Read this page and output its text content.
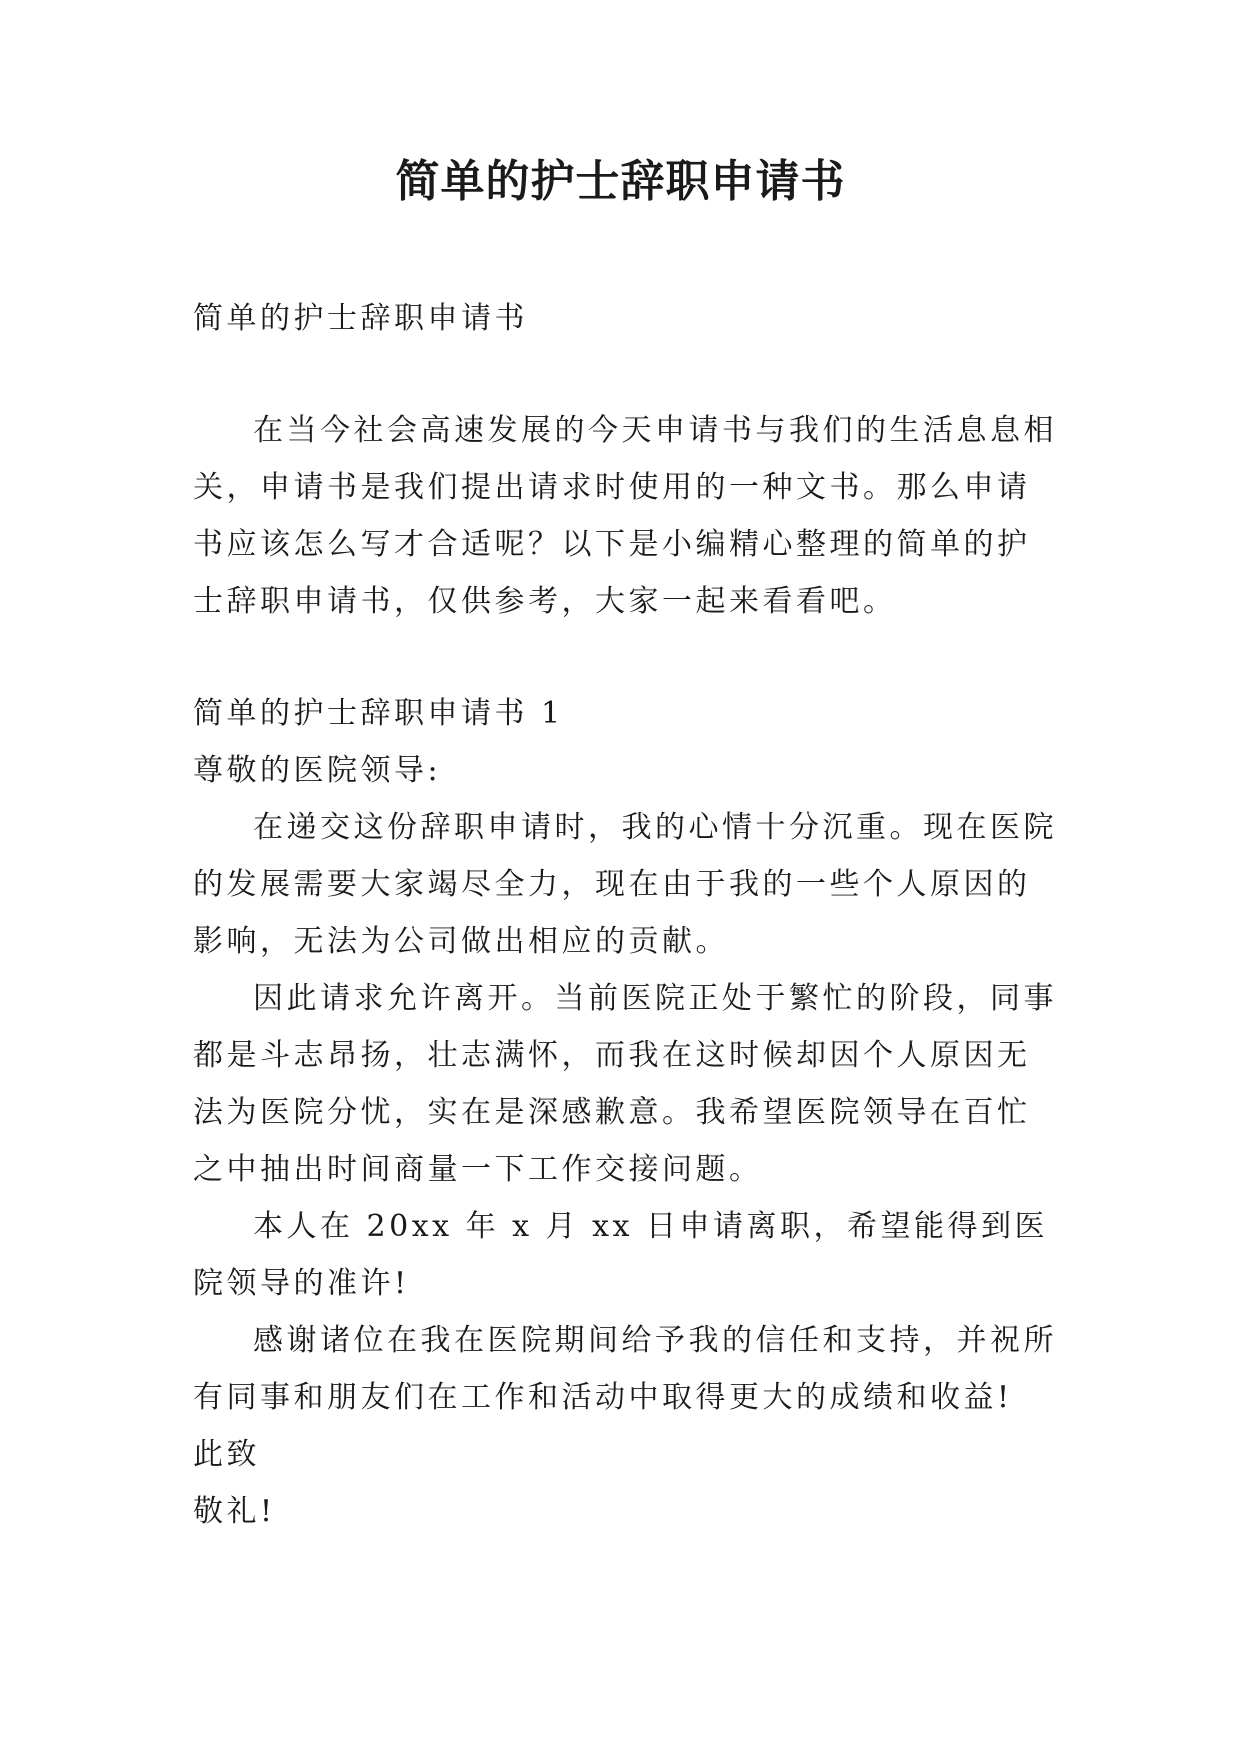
简单的护士辞职申请书

简单的护士辞职申请书

在当今社会高速发展的今天申请书与我们的生活息息相关，申请书是我们提出请求时使用的一种文书。那么申请书应该怎么写才合适呢？以下是小编精心整理的简单的护士辞职申请书，仅供参考，大家一起来看看吧。

简单的护士辞职申请书 1

尊敬的医院领导:

在递交这份辞职申请时，我的心情十分沉重。现在医院的发展需要大家竭尽全力，现在由于我的一些个人原因的影响，无法为公司做出相应的贡献。

因此请求允许离开。当前医院正处于繁忙的阶段，同事都是斗志昂扬，壮志满怀，而我在这时候却因个人原因无法为医院分忧，实在是深感歉意。我希望医院领导在百忙之中抽出时间商量一下工作交接问题。

本人在 20xx 年 x 月 xx 日申请离职，希望能得到医院领导的准许!

感谢诸位在我在医院期间给予我的信任和支持，并祝所有同事和朋友们在工作和活动中取得更大的成绩和收益!

此致

敬礼!
